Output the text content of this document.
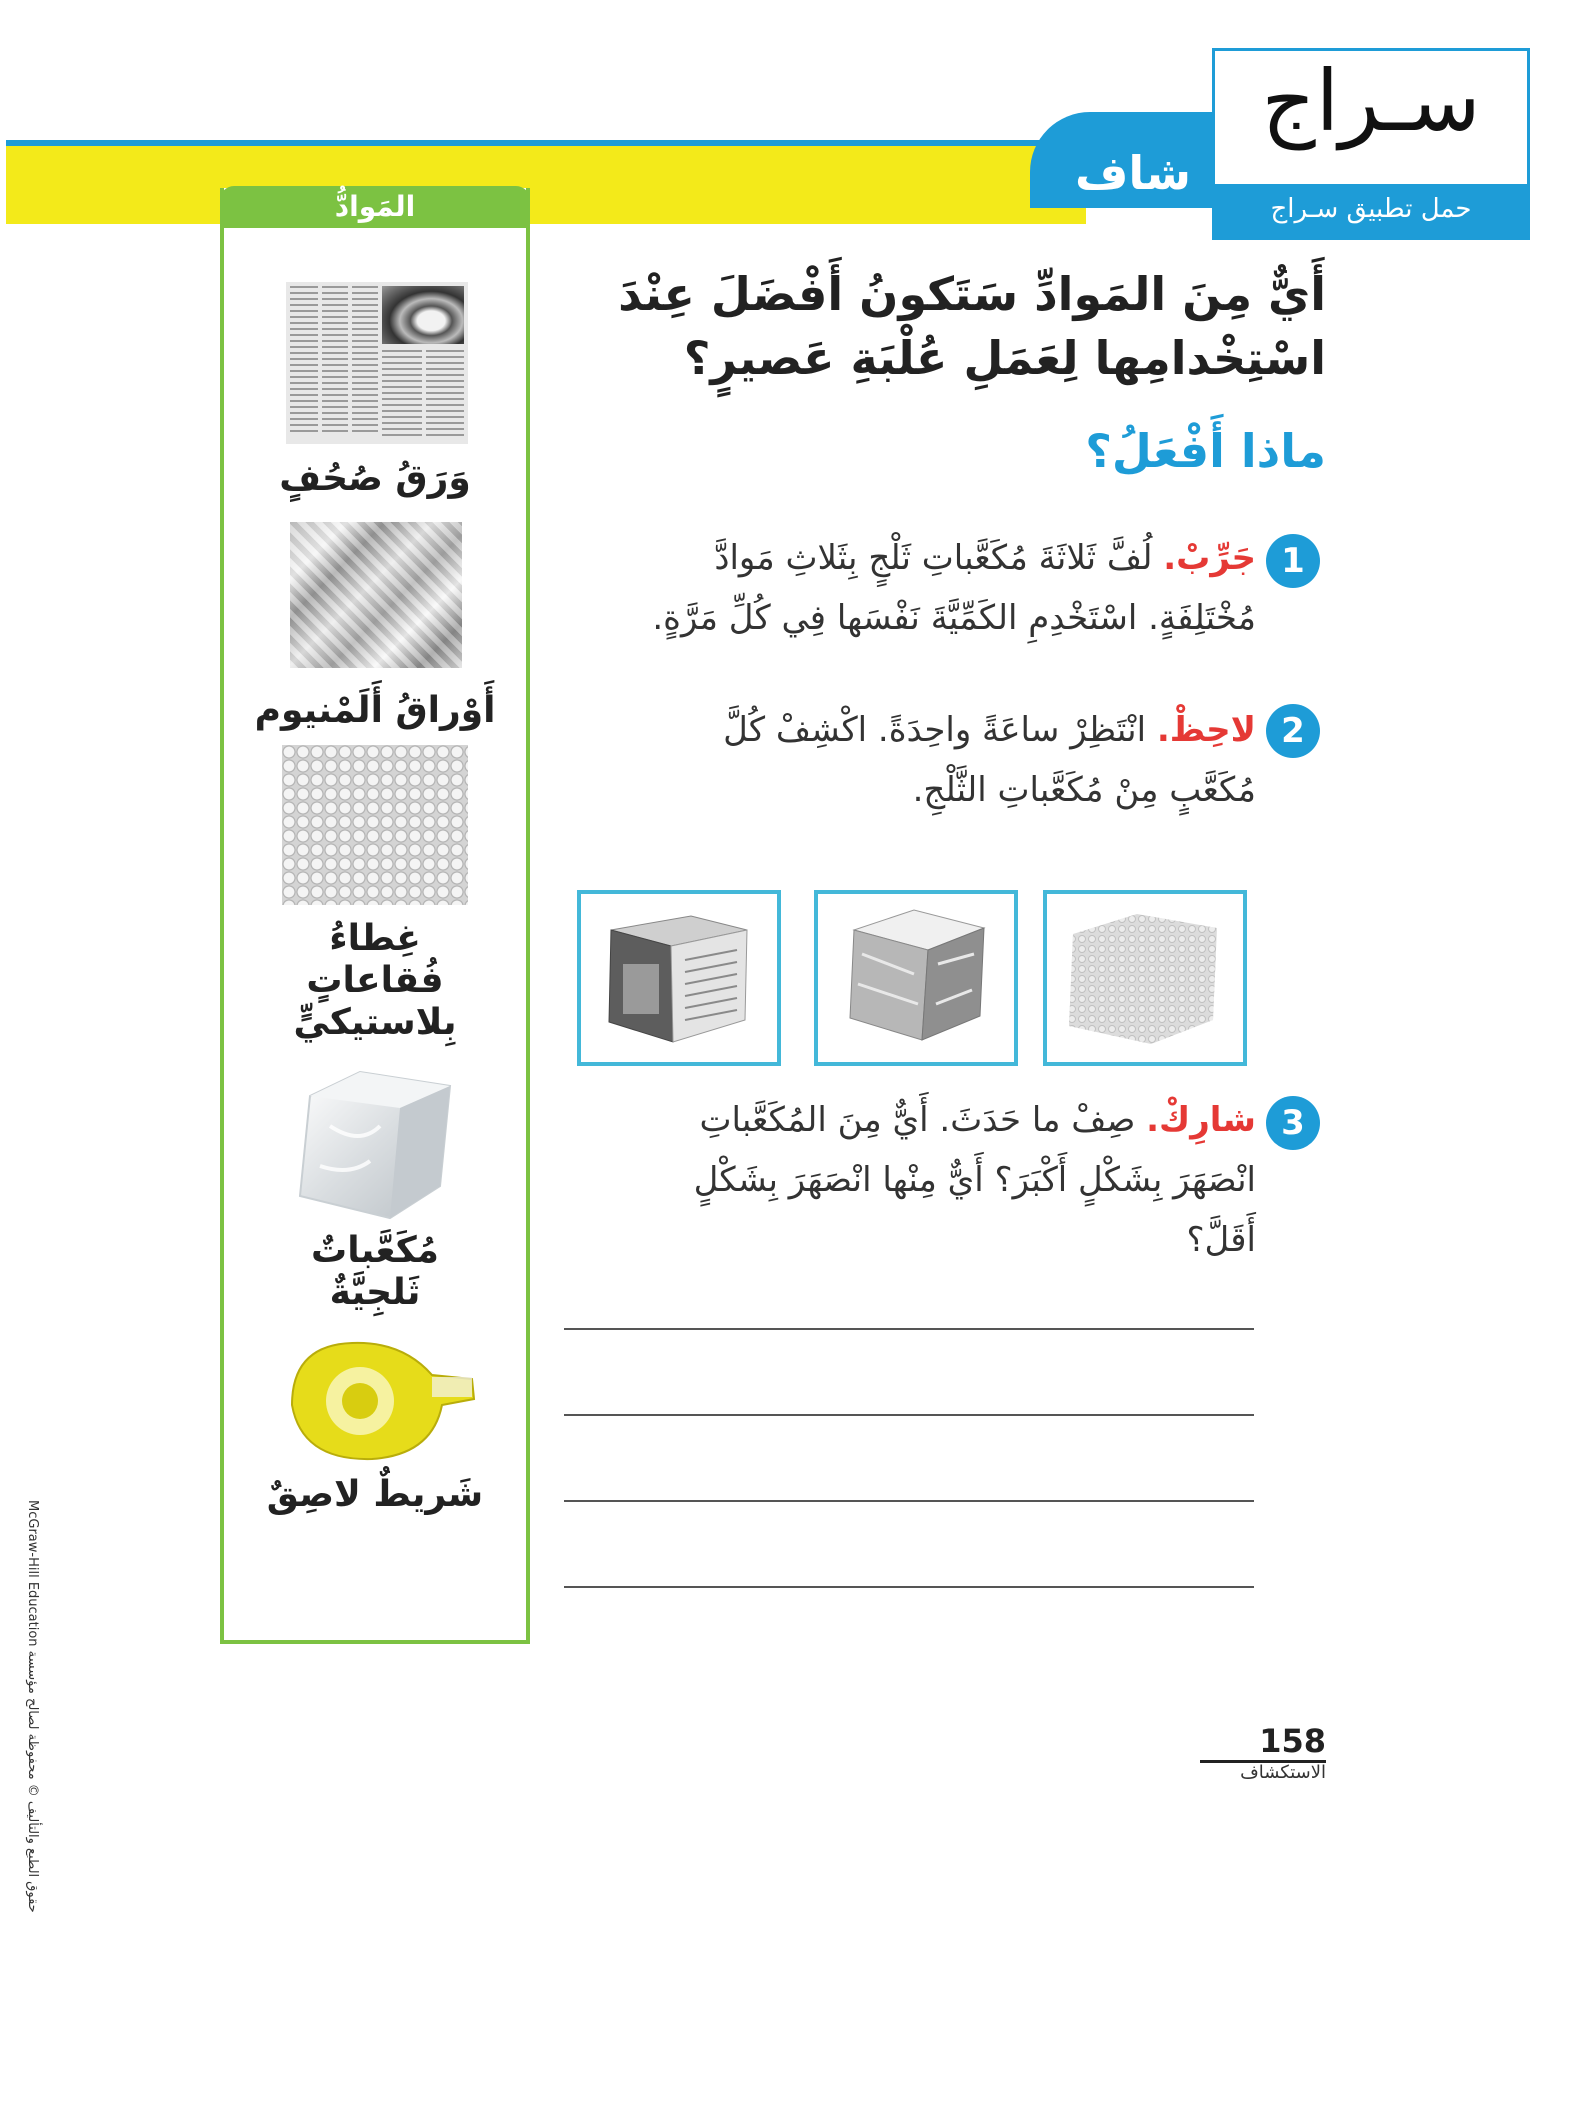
شاف
سـراج
حمل تطبيق سـراج
المَوادُّ
وَرَقُ صُحُفٍ
أَوْراقُ أَلَمْنيوم
غِطاءُ
فُقاعاتٍ
بِلاستيكيٍّ
مُكَعَّباتٌ
ثَلجِيَّةٌ
شَريطٌ لاصِقٌ
أَيٌّ مِنَ المَوادِّ سَتَكونُ أَفْضَلَ عِنْدَ
اسْتِخْدامِها لِعَمَلِ عُلْبَةِ عَصيرٍ؟
ماذا أَفْعَلُ؟
1
جَرِّبْ. لُفَّ ثَلاثَةَ مُكَعَّباتِ ثَلْجٍ بِثَلاثِ مَوادَّ
مُخْتَلِفَةٍ. اسْتَخْدِمِ الكَمِّيَّةَ نَفْسَها فِي كُلِّ مَرَّةٍ.
2
لاحِظْ. انْتَظِرْ ساعَةً واحِدَةً. اكْشِفْ كُلَّ
مُكَعَّبٍ مِنْ مُكَعَّباتِ الثَّلْجِ.
3
شارِكْ. صِفْ ما حَدَثَ. أَيٌّ مِنَ المُكَعَّباتِ
انْصَهَرَ بِشَكْلٍ أَكْبَرَ؟ أَيٌّ مِنْها انْصَهَرَ بِشَكْلٍ
أَقَلَّ؟
158
الاستكشاف
McGraw-Hill Education حقوق الطبع والتأليف © محفوظة لصالح مؤسسة
